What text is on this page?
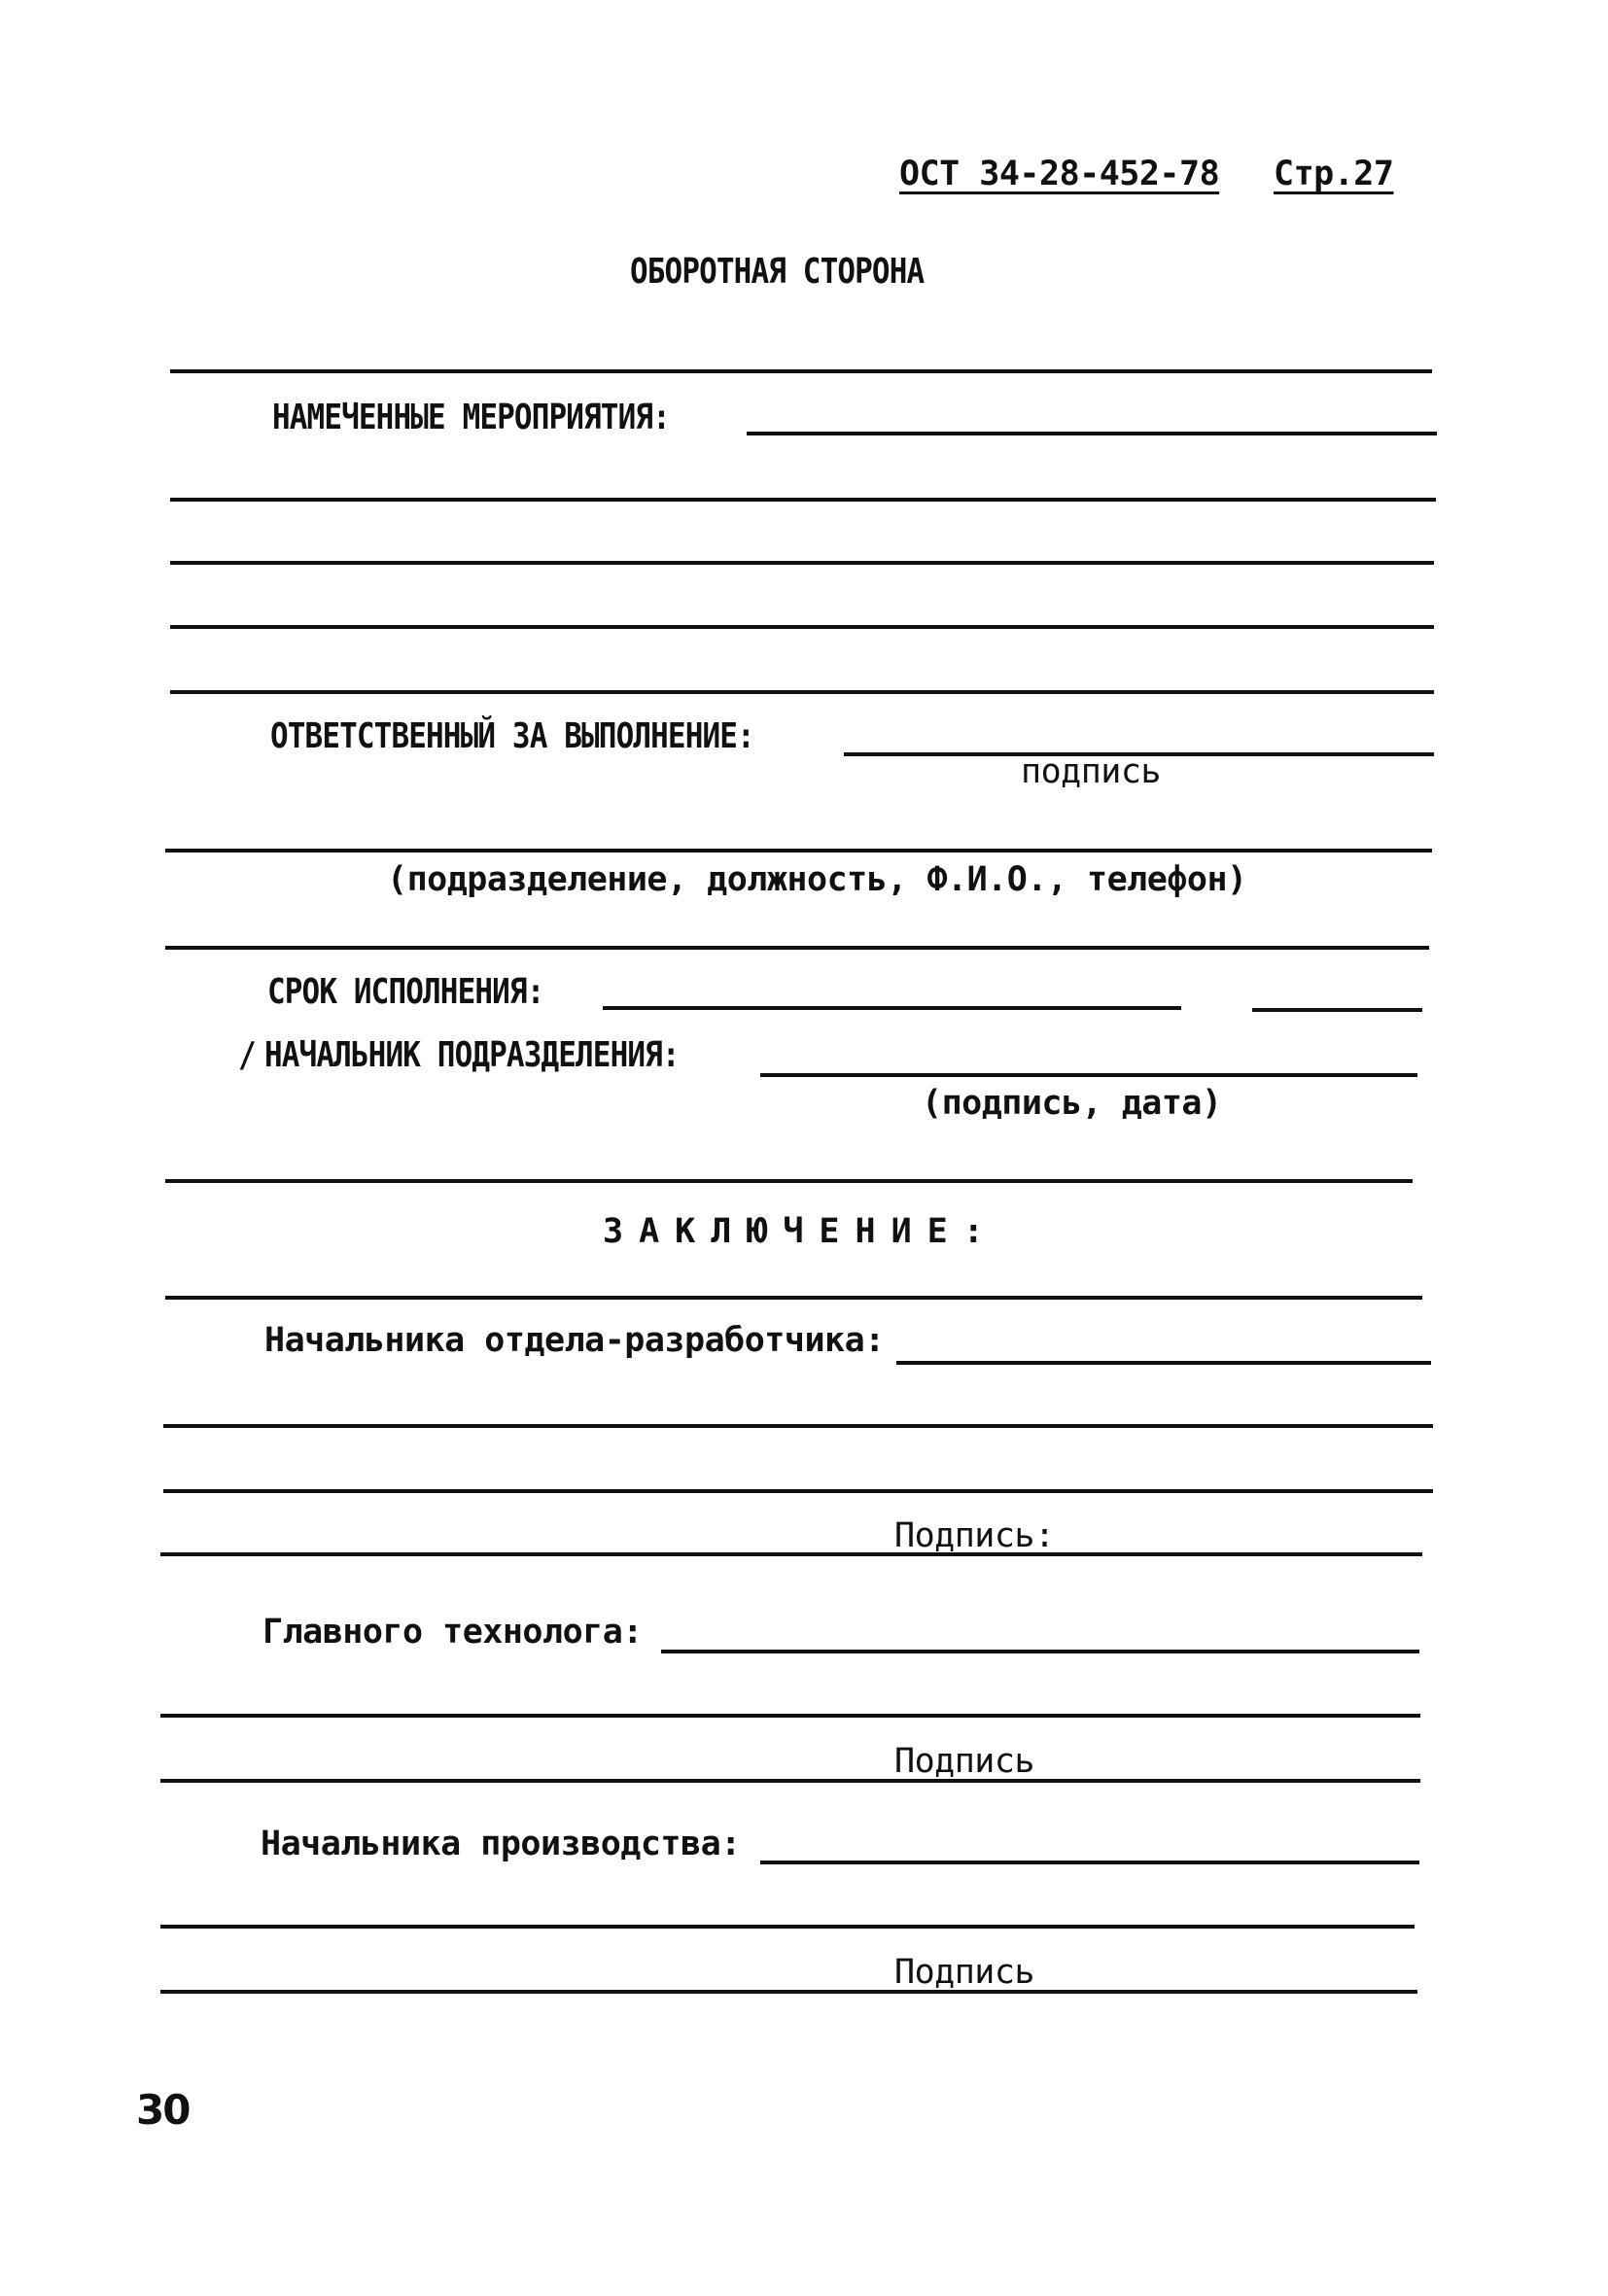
ОСТ 34-28-452-78 Стр.27
ОБОРОТНАЯ СТОРОНА
НАМЕЧЕННЫЕ МЕРОПРИЯТИЯ:
ОТВЕТСТВЕННЫЙ ЗА ВЫПОЛНЕНИЕ:
подпись
(подразделение, должность, Ф.И.О., телефон)
СРОК ИСПОЛНЕНИЯ:
/ НАЧАЛЬНИК ПОДРАЗДЕЛЕНИЯ:
(подпись, дата)
ЗАКЛЮЧЕНИЕ:
Начальника отдела-разработчика:
Подпись:
Главного технолога:
Подпись
Начальника производства:
Подпись
30
